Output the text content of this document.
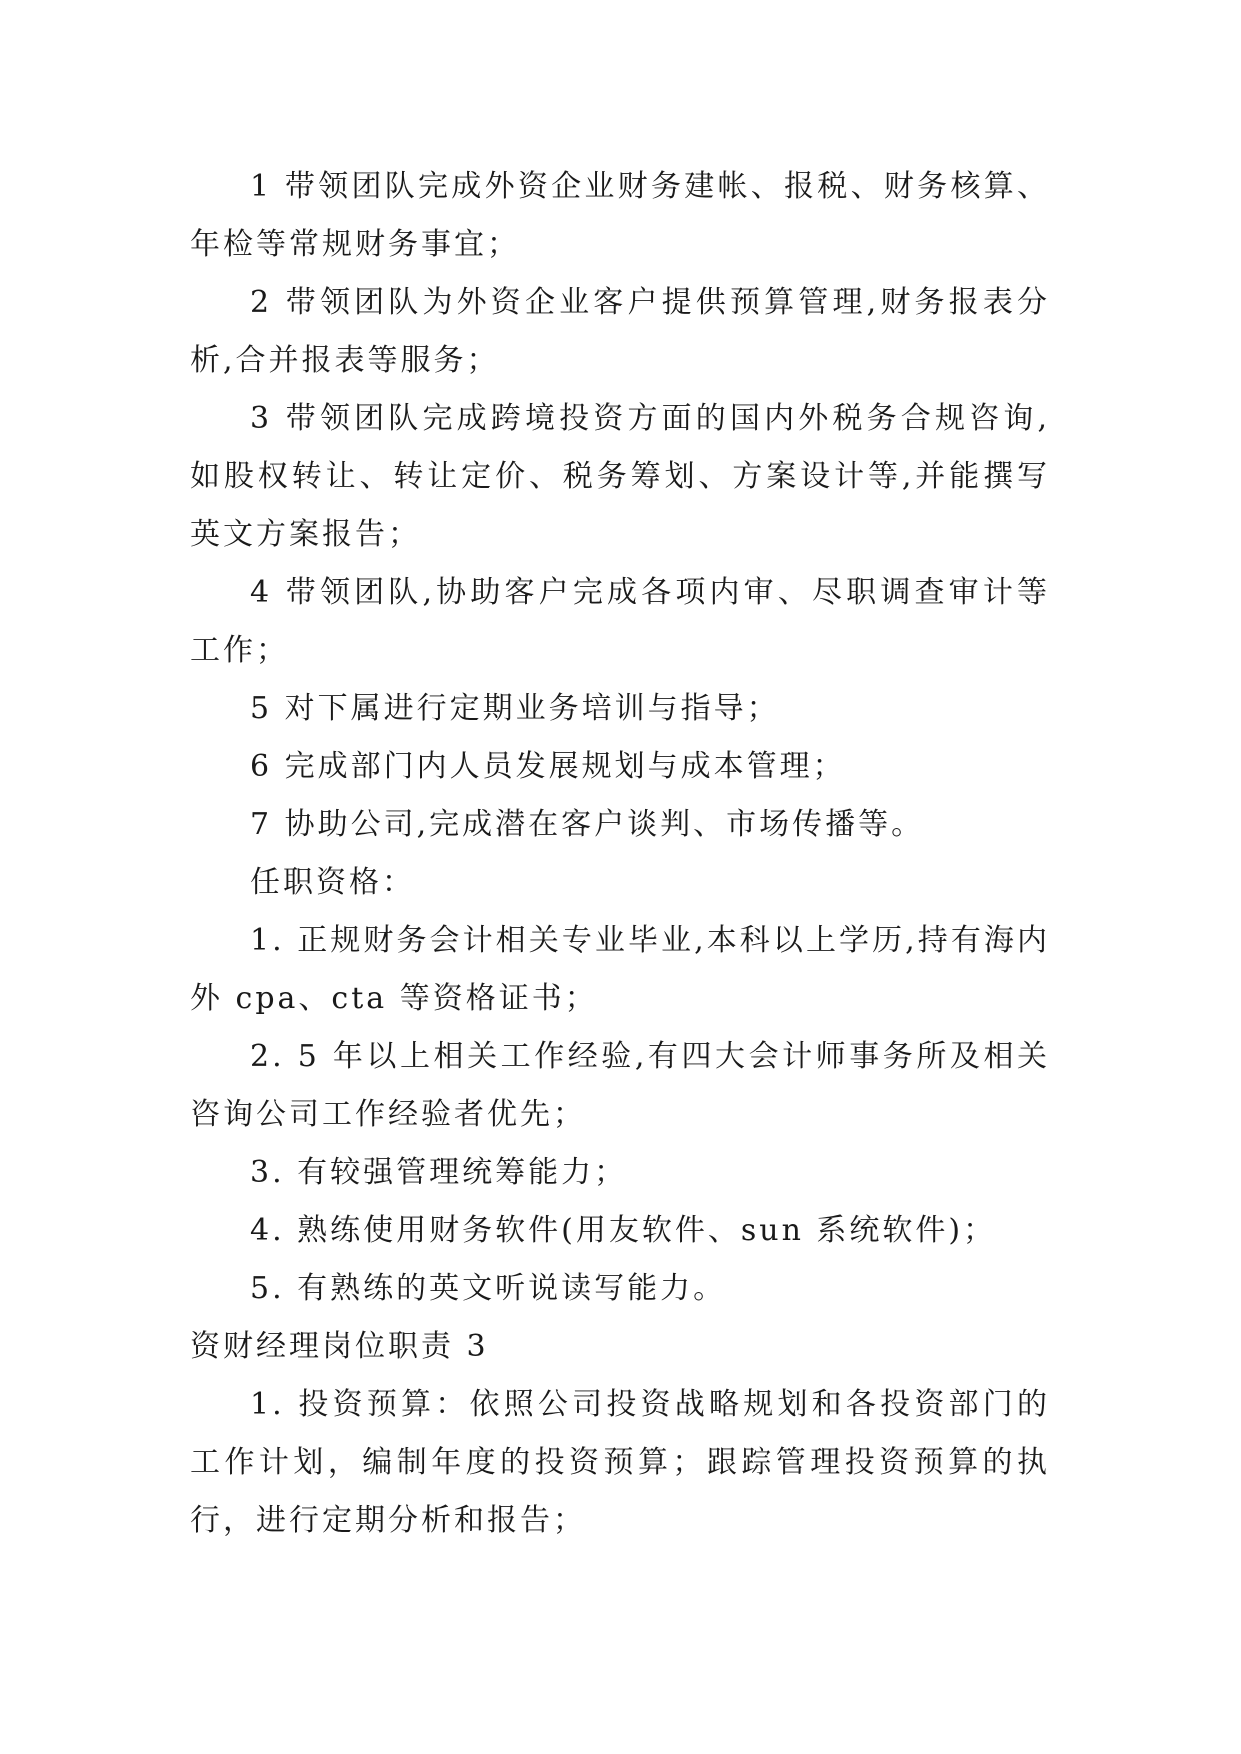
1 带领团队完成外资企业财务建帐、报税、财务核算、年检等常规财务事宜；

2 带领团队为外资企业客户提供预算管理,财务报表分析,合并报表等服务；

3 带领团队完成跨境投资方面的国内外税务合规咨询,如股权转让、转让定价、税务筹划、方案设计等,并能撰写英文方案报告；

4 带领团队,协助客户完成各项内审、尽职调查审计等工作；

5 对下属进行定期业务培训与指导；

6 完成部门内人员发展规划与成本管理；

7 协助公司,完成潜在客户谈判、市场传播等。

任职资格：

1. 正规财务会计相关专业毕业,本科以上学历,持有海内外 cpa、cta 等资格证书；

2. 5 年以上相关工作经验,有四大会计师事务所及相关咨询公司工作经验者优先；

3. 有较强管理统筹能力；

4. 熟练使用财务软件(用友软件、sun 系统软件)；

5. 有熟练的英文听说读写能力。

资财经理岗位职责 3

1. 投资预算：依照公司投资战略规划和各投资部门的工作计划，编制年度的投资预算；跟踪管理投资预算的执行，进行定期分析和报告；
